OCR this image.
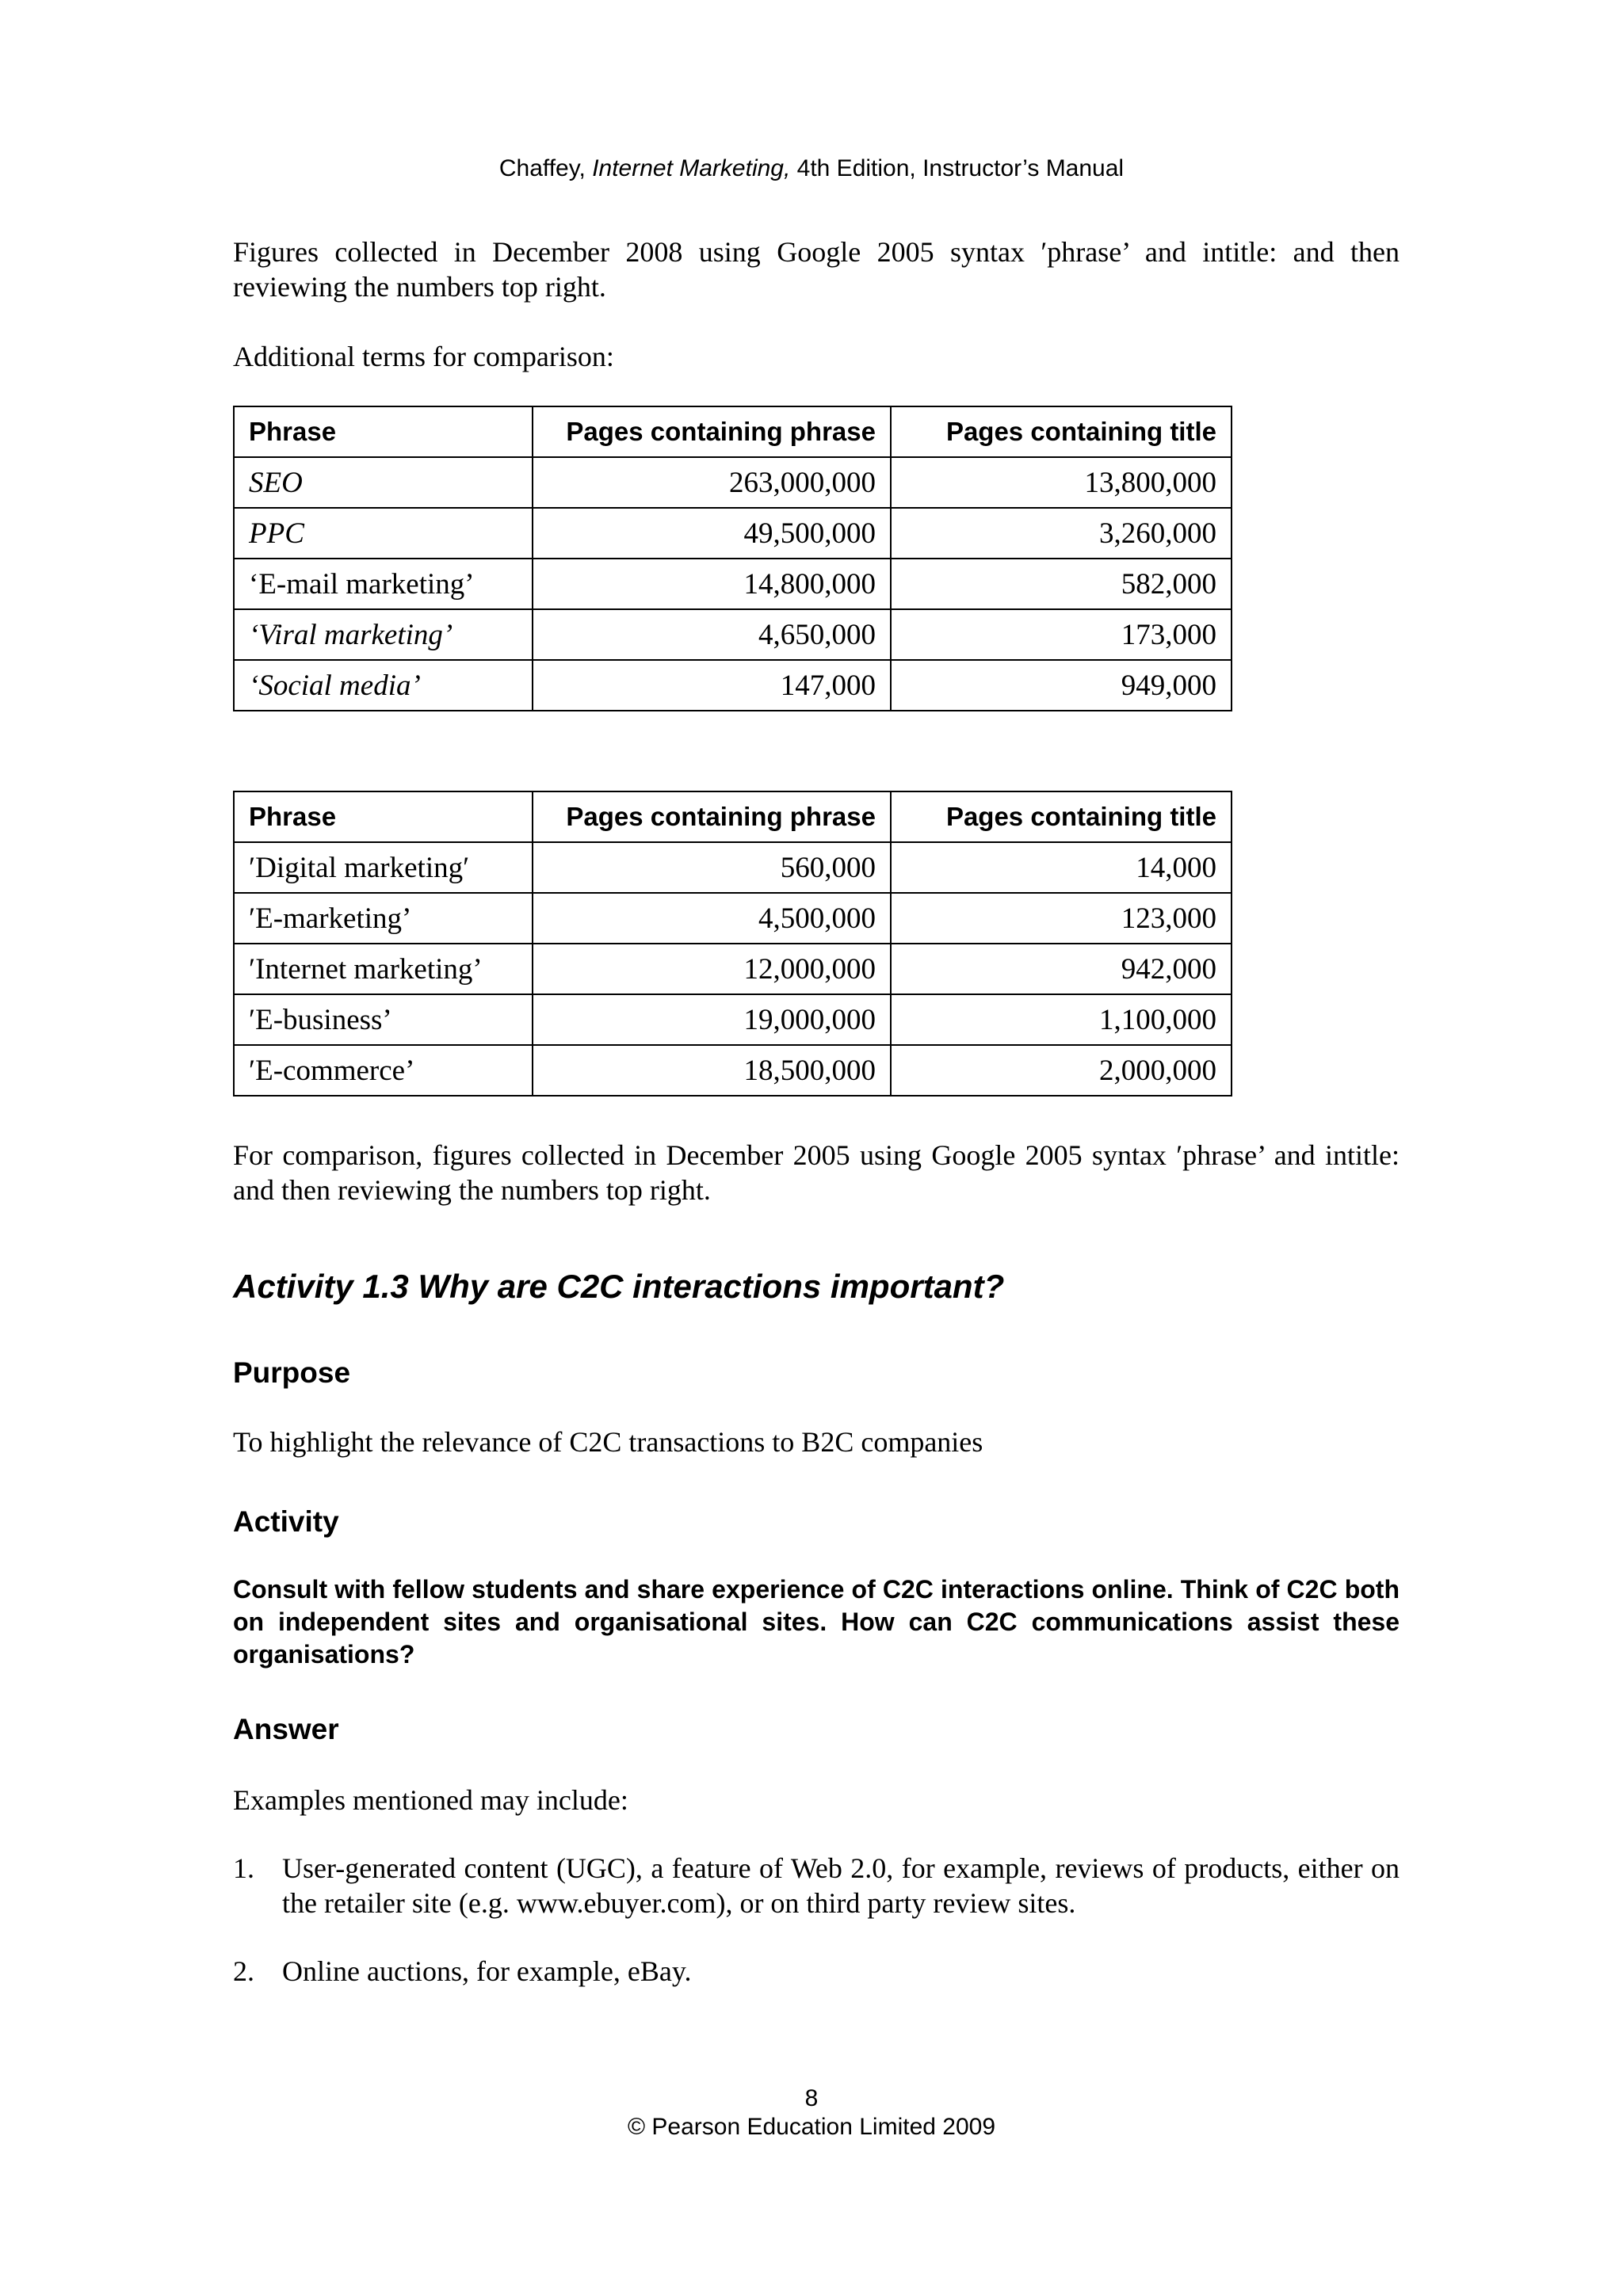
Chaffey, Internet Marketing, 4th Edition, Instructor’s Manual

Figures collected in December 2008 using Google 2005 syntax ′phrase’ and intitle: and then reviewing the numbers top right.

Additional terms for comparison:

Phrase	Pages containing phrase	Pages containing title
SEO	263,000,000	13,800,000
PPC	49,500,000	3,260,000
‘E-mail marketing’	14,800,000	582,000
‘Viral marketing’	4,650,000	173,000
‘Social media’	147,000	949,000
Phrase	Pages containing phrase	Pages containing title
′Digital marketing′	560,000	14,000
′E-marketing’	4,500,000	123,000
′Internet marketing’	12,000,000	942,000
′E-business’	19,000,000	1,100,000
′E-commerce’	18,500,000	2,000,000

For comparison, figures collected in December 2005 using Google 2005 syntax ′phrase’ and intitle: and then reviewing the numbers top right.

Activity 1.3 Why are C2C interactions important?
Purpose

To highlight the relevance of C2C transactions to B2C companies

Activity

Consult with fellow students and share experience of C2C interactions online. Think of C2C both on independent sites and organisational sites. How can C2C communications assist these organisations?

Answer

Examples mentioned may include:

1. User-generated content (UGC), a feature of Web 2.0, for example, reviews of products, either on the retailer site (e.g. www.ebuyer.com), or on third party review sites.
2. Online auctions, for example, eBay.
8
© Pearson Education Limited 2009
